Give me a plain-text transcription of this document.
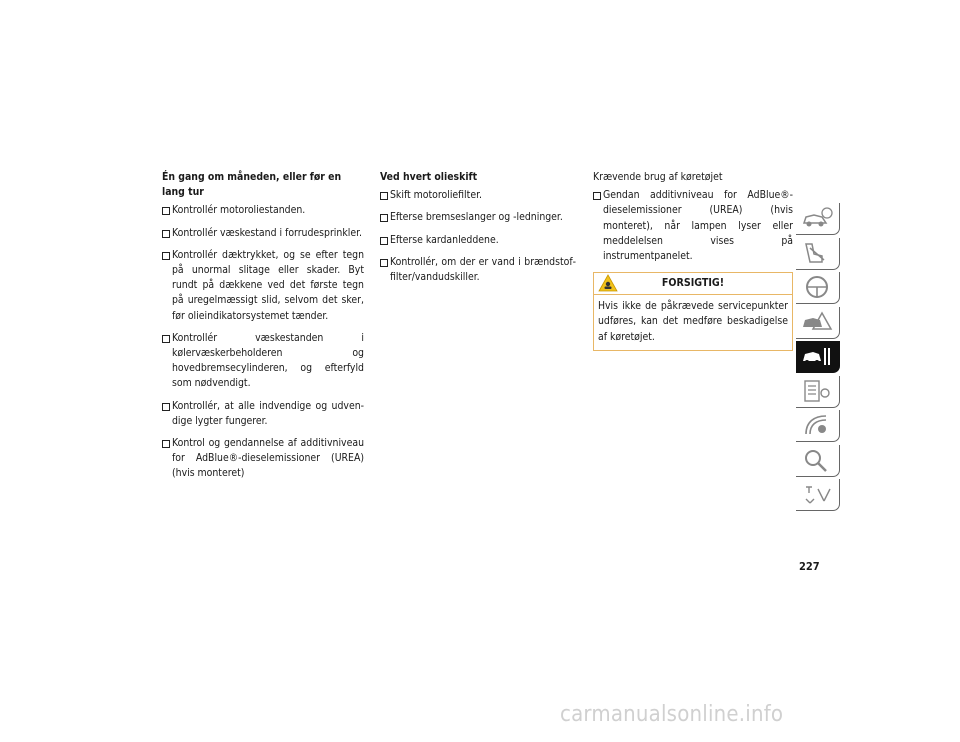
Én gang om måneden, eller før en lang tur
Kontrollér motoroliestanden.
Kontrollér væskestand i forrudesprinkler.
Kontrollér dæktrykket, og se efter tegn på unormal slitage eller skader. Byt rundt på dækkene ved det første tegn på uregelmæssigt slid, selvom det sker, før olieindikatorsystemet tænder.
Kontrollér væskestanden i kølervæskerbeholderen og hovedbremsecylinderen, og efterfyld som nødvendigt.
Kontrollér, at alle indvendige og udvendige lygter fungerer.
Kontrol og gendannelse af additivniveau for AdBlue®-dieselemissioner (UREA) (hvis monteret)
Ved hvert olieskift
Skift motoroliefilter.
Efterse bremseslanger og -ledninger.
Efterse kardanleddene.
Kontrollér, om der er vand i brændstoffilter/vandudskiller.
Krævende brug af køretøjet
Gendan additivniveau for AdBlue®-dieselemissioner (UREA) (hvis monteret), når lampen lyser eller meddelelsen vises på instrumentpanelet.
FORSIGTIG!
Hvis ikke de påkrævede servicepunkter udføres, kan det medføre beskadigelse af køretøjet.
227
carmanualsonline.info
